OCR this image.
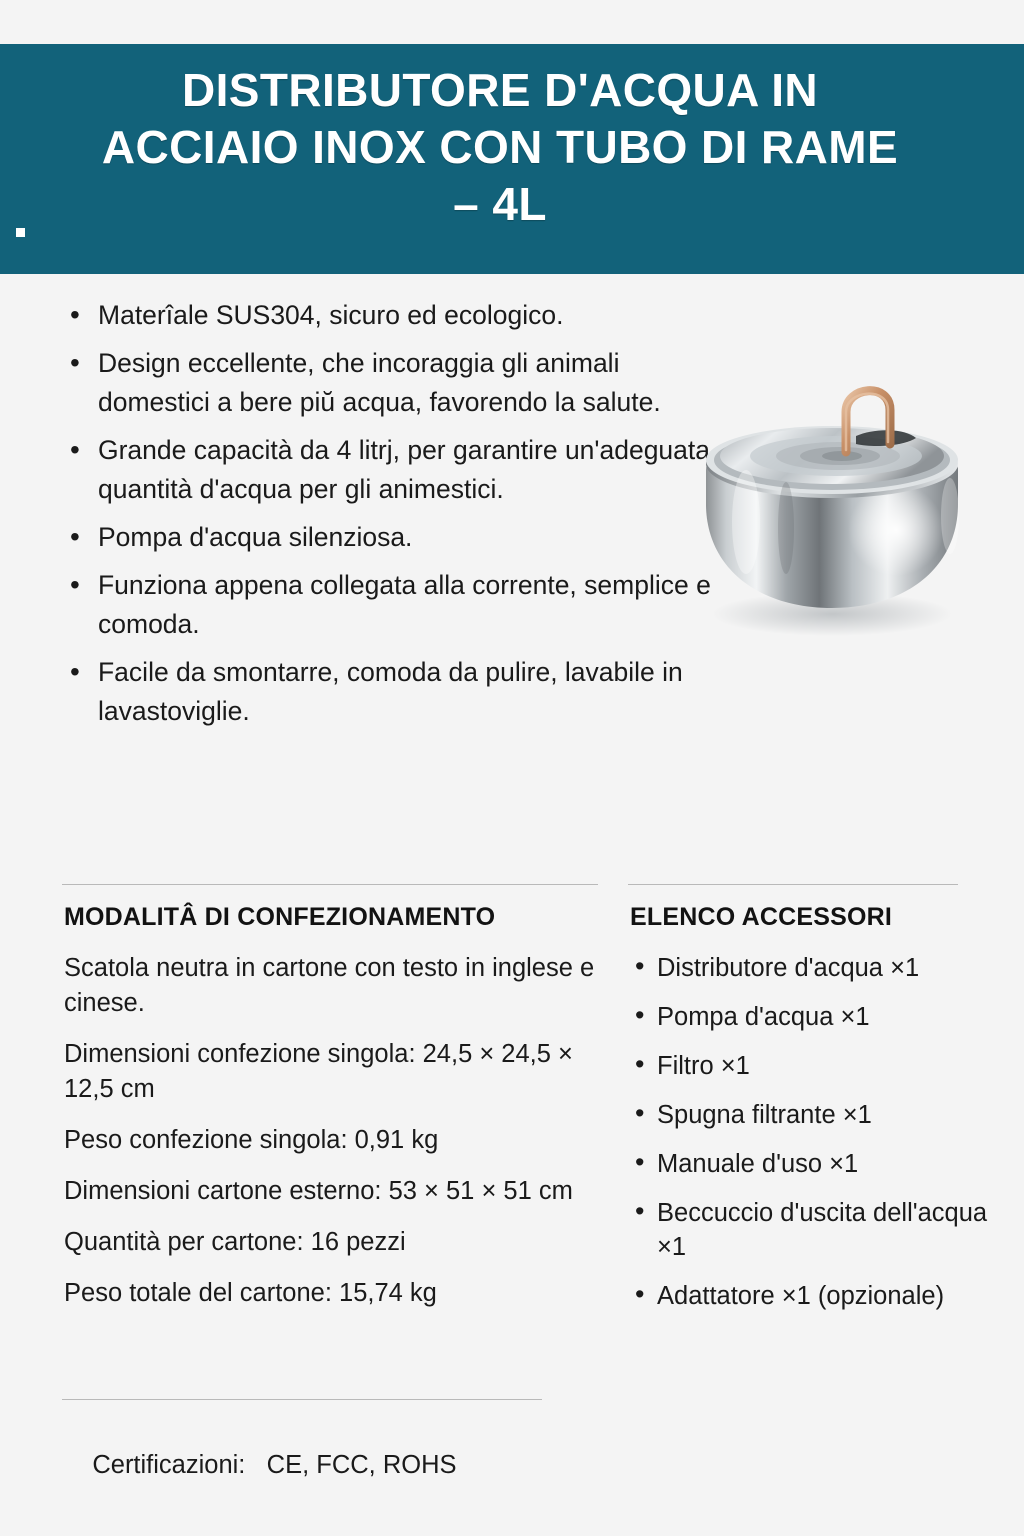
DISTRIBUTORE D'ACQUA IN ACCIAIO INOX CON TUBO DI RAME – 4L
• Materîale SUS304, sicuro ed ecologico.
• Design eccellente, che incoraggia gli animali domestici a bere piŭ acqua, favorendo la salute.
• Grande capacità da 4 litrj, per garantire un'adeguata quantità d'acqua per gli animestici.
• Pompa d'acqua silenziosa.
• Funziona appena collegata alla corrente, semplice e comoda.
• Facile da smontarre, comoda da pulire, lavabile in lavastoviglie.
MODALITÂ DI CONFEZIONAMENTO
Scatola neutra in cartone con testo in inglese e cinese.
Dimensioni confezione singola: 24,5 × 24,5 × 12,5 cm
Peso confezione singola: 0,91 kg
Dimensioni cartone esterno: 53 × 51 × 51 cm
Quantità per cartone: 16 pezzi
Peso totale del cartone: 15,74 kg
ELENCO ACCESSORI
• Distributore d'acqua ×1
• Pompa d'acqua ×1
• Filtro ×1
• Spugna filtrante ×1
• Manuale d'uso ×1
• Beccuccio d'uscita dell'acqua ×1
• Adattatore ×1 (opzionale)

Certificazioni: CE, FCC, ROHS
